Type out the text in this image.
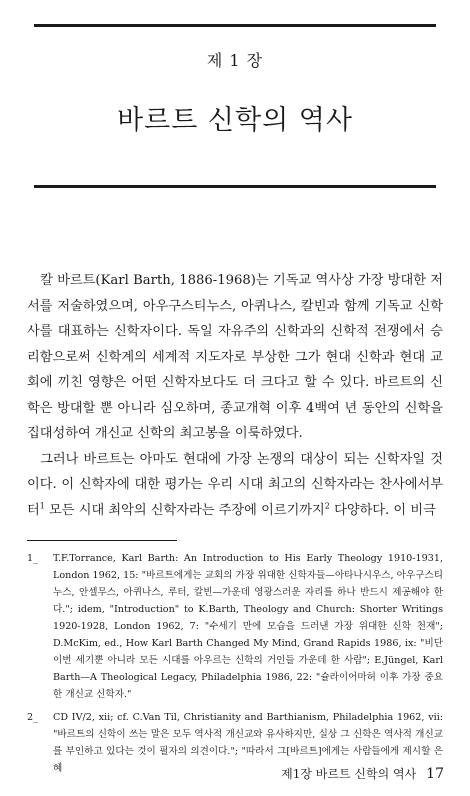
제 1 장
바르트 신학의 역사

칼 바르트(Karl Barth, 1886-1968)는 기독교 역사상 가장 방대한 저서를 저술하였으며, 아우구스티누스, 아퀴나스, 칼빈과 함께 기독교 신학사를 대표하는 신학자이다. 독일 자유주의 신학과의 신학적 전쟁에서 승리함으로써 신학계의 세계적 지도자로 부상한 그가 현대 신학과 현대 교회에 끼친 영향은 어떤 신학자보다도 더 크다고 할 수 있다. 바르트의 신학은 방대할 뿐 아니라 심오하며, 종교개혁 이후 4백여 년 동안의 신학을 집대성하여 개신교 신학의 최고봉을 이룩하였다.

그러나 바르트는 아마도 현대에 가장 논쟁의 대상이 되는 신학자일 것이다. 이 신학자에 대한 평가는 우리 시대 최고의 신학자라는 찬사에서부터$^1$ 모든 시대 최악의 신학자라는 주장에 이르기까지$^2$ 다양하다. 이 비극

1_ T.F.Torrance, Karl Barth: An Introduction to His Early Theology 1910-1931, London 1962, 15: "바르트에게는 교회의 가장 위대한 신학자들—아타나시우스, 아우구스티누스, 안셀무스, 아퀴나스, 루터, 칼빈—가운데 영광스러운 자리를 하나 반드시 제공해야 한다."; idem, "Introduction" to K.Barth, Theology and Church: Shorter Writings 1920-1928, London 1962, 7: "수세기 만에 모습을 드러낸 가장 위대한 신학 천재"; D.McKim, ed., How Karl Barth Changed My Mind, Grand Rapids 1986, ix: "비단 이번 세기뿐 아니라 모든 시대를 아우르는 신학의 거인들 가운데 한 사람"; E.Jüngel, Karl Barth—A Theological Legacy, Philadelphia 1986, 22: "슐라이어마허 이후 가장 중요한 개신교 신학자."
2_ CD IV/2, xii; cf. C.Van Til, Christianity and Barthianism, Philadelphia 1962, vii: "바르트의 신학이 쓰는 말은 모두 역사적 개신교와 유사하지만, 실상 그 신학은 역사적 개신교를 부인하고 있다는 것이 필자의 의견이다."; "따라서 그[바르트]에게는 사람들에게 제시할 은혜	제1장 바르트 신학의 역사 17
